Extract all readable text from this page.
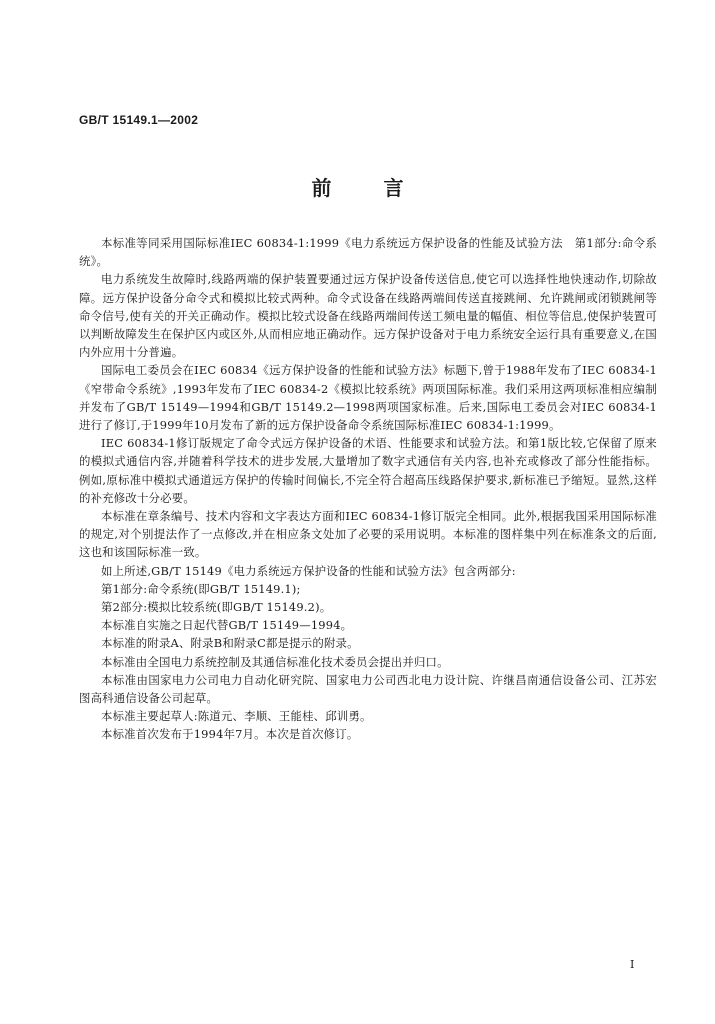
GB/T 15149.1—2002
前言

本标准等同采用国际标准IEC 60834-1:1999《电力系统远方保护设备的性能及试验方法　第1部分:命令系统》。

电力系统发生故障时,线路两端的保护装置要通过远方保护设备传送信息,使它可以选择性地快速动作,切除故障。远方保护设备分命令式和模拟比较式两种。命令式设备在线路两端间传送直接跳闸、允许跳闸或闭锁跳闸等命令信号,使有关的开关正确动作。模拟比较式设备在线路两端间传送工频电量的幅值、相位等信息,使保护装置可以判断故障发生在保护区内或区外,从而相应地正确动作。远方保护设备对于电力系统安全运行具有重要意义,在国内外应用十分普遍。

国际电工委员会在IEC 60834《远方保护设备的性能和试验方法》标题下,曾于1988年发布了IEC 60834-1《窄带命令系统》,1993年发布了IEC 60834-2《模拟比较系统》两项国际标准。我们采用这两项标准相应编制并发布了GB/T 15149—1994和GB/T 15149.2—1998两项国家标准。后来,国际电工委员会对IEC 60834-1进行了修订,于1999年10月发布了新的远方保护设备命令系统国际标准IEC 60834-1:1999。

IEC 60834-1修订版规定了命令式远方保护设备的术语、性能要求和试验方法。和第1版比较,它保留了原来的模拟式通信内容,并随着科学技术的进步发展,大量增加了数字式通信有关内容,也补充或修改了部分性能指标。例如,原标准中模拟式通道远方保护的传输时间偏长,不完全符合超高压线路保护要求,新标准已予缩短。显然,这样的补充修改十分必要。

本标准在章条编号、技术内容和文字表达方面和IEC 60834-1修订版完全相同。此外,根据我国采用国际标准的规定,对个别提法作了一点修改,并在相应条文处加了必要的采用说明。本标准的图样集中列在标准条文的后面,这也和该国际标准一致。

如上所述,GB/T 15149《电力系统远方保护设备的性能和试验方法》包含两部分:

第1部分:命令系统(即GB/T 15149.1);

第2部分:模拟比较系统(即GB/T 15149.2)。

本标准自实施之日起代替GB/T 15149—1994。

本标准的附录A、附录B和附录C都是提示的附录。

本标准由全国电力系统控制及其通信标准化技术委员会提出并归口。

本标准由国家电力公司电力自动化研究院、国家电力公司西北电力设计院、许继昌南通信设备公司、江苏宏图高科通信设备公司起草。

本标准主要起草人:陈道元、李顺、王能桂、邱训勇。

本标准首次发布于1994年7月。本次是首次修订。

I
